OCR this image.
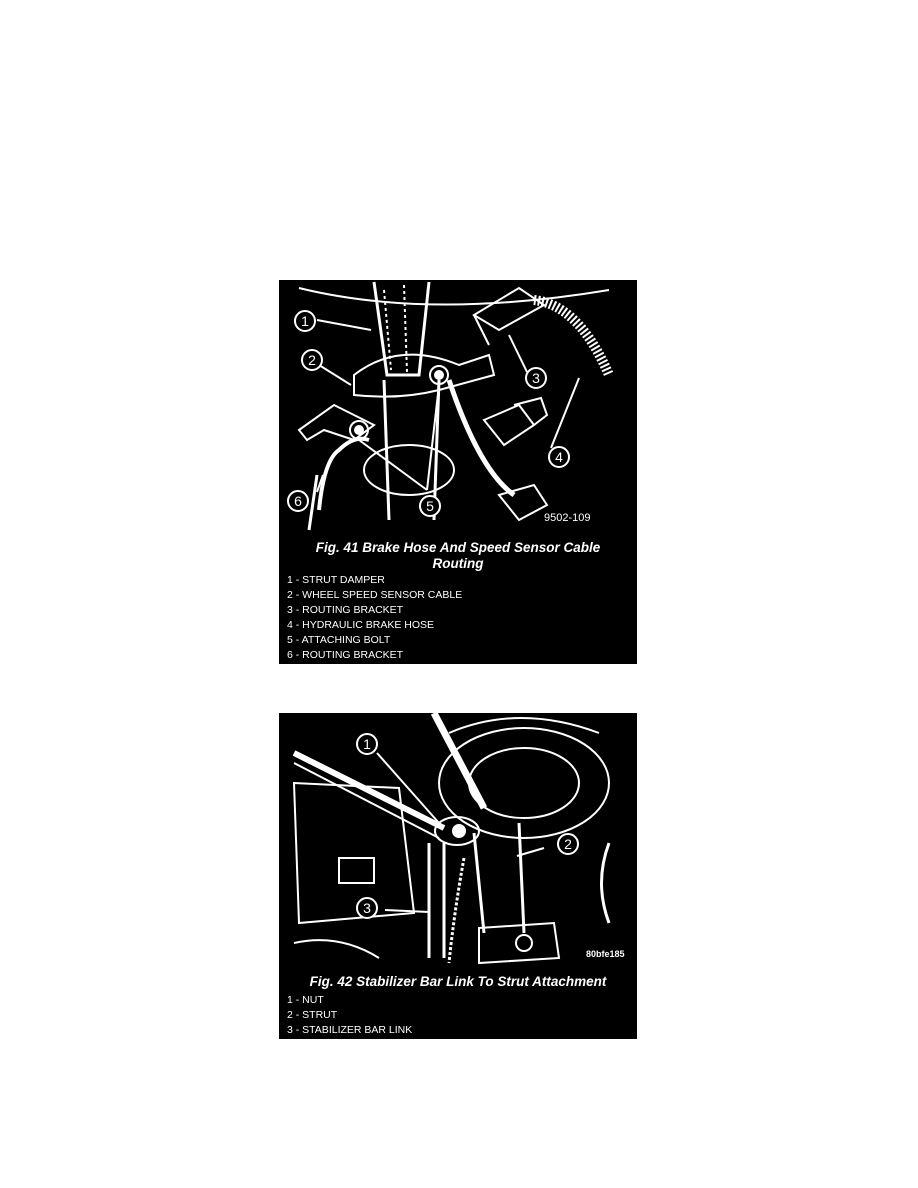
1
2
3
4
5
6
9502-109
Fig. 41 Brake Hose And Speed Sensor Cable Routing
1 - STRUT DAMPER
2 - WHEEL SPEED SENSOR CABLE
3 - ROUTING BRACKET
4 - HYDRAULIC BRAKE HOSE
5 - ATTACHING BOLT
6 - ROUTING BRACKET
1
2
3
80bfe185
Fig. 42 Stabilizer Bar Link To Strut Attachment
1 - NUT
2 - STRUT
3 - STABILIZER BAR LINK
